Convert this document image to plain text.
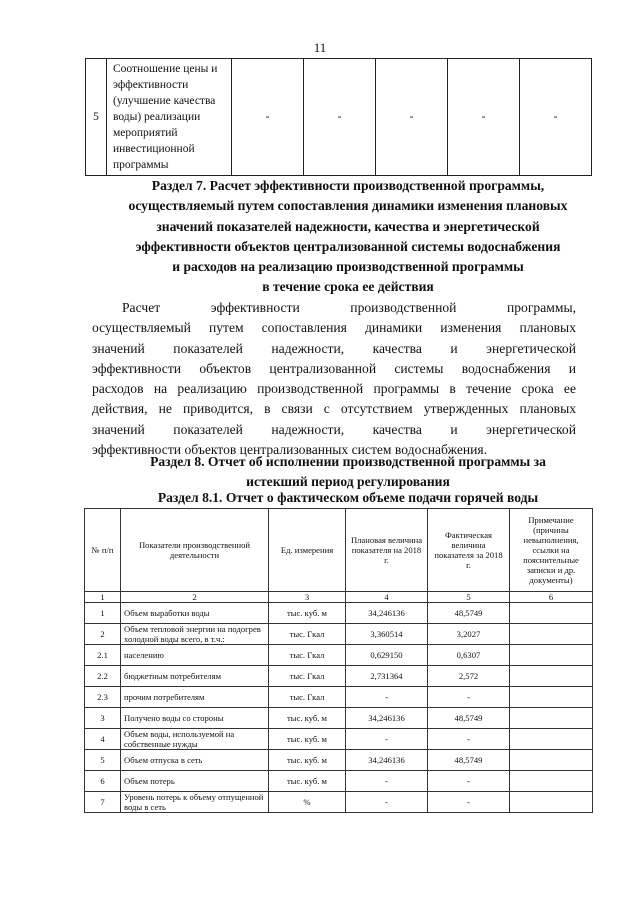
11
5	Соотношение цены и эффективности (улучшение качества воды) реализации мероприятий инвестиционной программы	-	-	-	-	-
Раздел 7. Расчет эффективности производственной программы,
осуществляемый путем сопоставления динамики изменения плановых
значений показателей надежности, качества и энергетической
эффективности объектов централизованной системы водоснабжения
и расходов на реализацию производственной программы
в течение срока ее действия
Расчет эффективности производственной программы,
осуществляемый путем сопоставления динамики изменения плановых
значений показателей надежности, качества и энергетической
эффективности объектов централизованной системы водоснабжения и
расходов на реализацию производственной программы в течение срока ее
действия, не приводится, в связи с отсутствием утвержденных плановых
значений показателей надежности, качества и энергетической
эффективности объектов централизованных систем водоснабжения.
Раздел 8. Отчет об исполнении производственной программы за
истекший период регулирования
Раздел 8.1. Отчет о фактическом объеме подачи горячей воды
№ п/п	Показатели производственной деятельности	Ед. измерения	Плановая величина показателя на 2018 г.	Фактическая величина показателя за 2018 г.	Примечание (причины невыполнения, ссылки на пояснительные записки и др. документы)
1	2	3	4	5	6
1	Объем выработки воды	тыс. куб. м	34,246136	48,5749	
2	Объем тепловой энергии на подогрев холодной воды всего, в т.ч.:	тыс. Гкал	3,360514	3,2027	
2.1	населению	тыс. Гкал	0,629150	0,6307	
2.2	бюджетным потребителям	тыс. Гкал	2,731364	2,572	
2.3	прочим потребителям	тыс. Гкал	-	-	
3	Получено воды со стороны	тыс. куб. м	34,246136	48,5749	
4	Объем воды, используемой на собственные нужды	тыс. куб. м	-	-	
5	Объем отпуска в сеть	тыс. куб. м	34,246136	48,5749	
6	Объем потерь	тыс. куб. м	-	-	
7	Уровень потерь к объему отпущенной воды в сеть	%	-	-	
